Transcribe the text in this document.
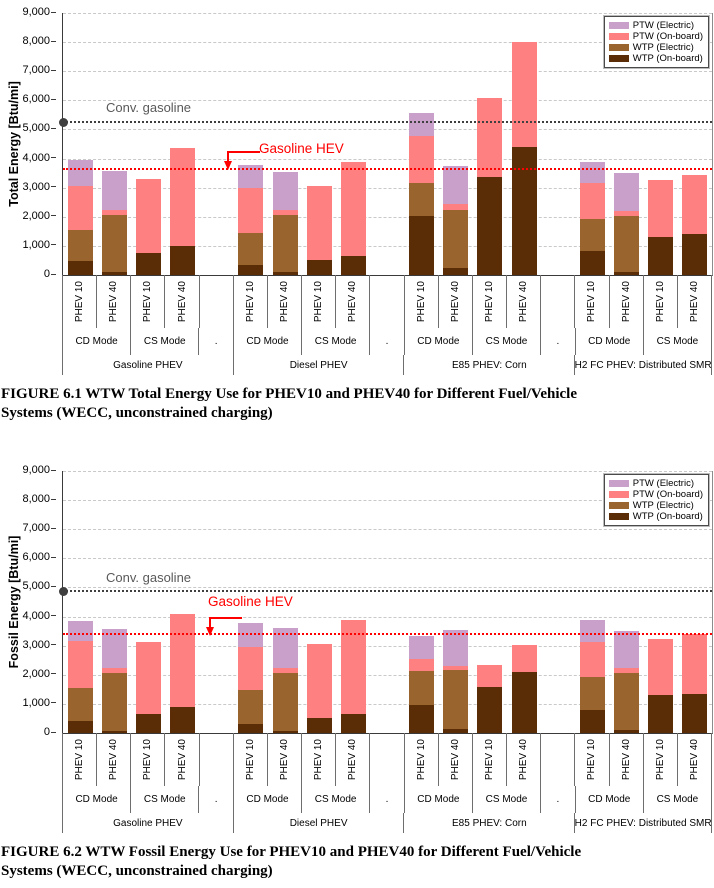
Total Energy [Btu/mi]
0
1,000
2,000
3,000
4,000
5,000
6,000
7,000
8,000
9,000
Conv. gasoline
Gasoline HEV
PTW (Electric)
PTW (On-board)
WTP (Electric)
WTP (On-board)
PHEV 10 PHEV 40 PHEV 10 PHEV 40	PHEV 10 PHEV 40 PHEV 10 PHEV 40	PHEV 10 PHEV 40 PHEV 10 PHEV 40	PHEV 10 PHEV 40 PHEV 10 PHEV 40
CD Mode	CS Mode	.	CD Mode	CS Mode	.	CD Mode	CS Mode	.	CD Mode	CS Mode
Gasoline PHEV	Diesel PHEV	E85 PHEV: Corn	H2 FC PHEV: Distributed SMR
FIGURE 6.1 WTW Total Energy Use for PHEV10 and PHEV40 for Different Fuel/Vehicle
Systems (WECC, unconstrained charging)
Fossil Energy [Btu/mi]
0
1,000
2,000
3,000
4,000
5,000
6,000
7,000
8,000
9,000
Conv. gasoline
Gasoline HEV
PTW (Electric)
PTW (On-board)
WTP (Electric)
WTP (On-board)
PHEV 10 PHEV 40 PHEV 10 PHEV 40	PHEV 10 PHEV 40 PHEV 10 PHEV 40	PHEV 10 PHEV 40 PHEV 10 PHEV 40	PHEV 10 PHEV 40 PHEV 10 PHEV 40
CD Mode	CS Mode	.	CD Mode	CS Mode	.	CD Mode	CS Mode	.	CD Mode	CS Mode
Gasoline PHEV	Diesel PHEV	E85 PHEV: Corn	H2 FC PHEV: Distributed SMR
FIGURE 6.2 WTW Fossil Energy Use for PHEV10 and PHEV40 for Different Fuel/Vehicle
Systems (WECC, unconstrained charging)
